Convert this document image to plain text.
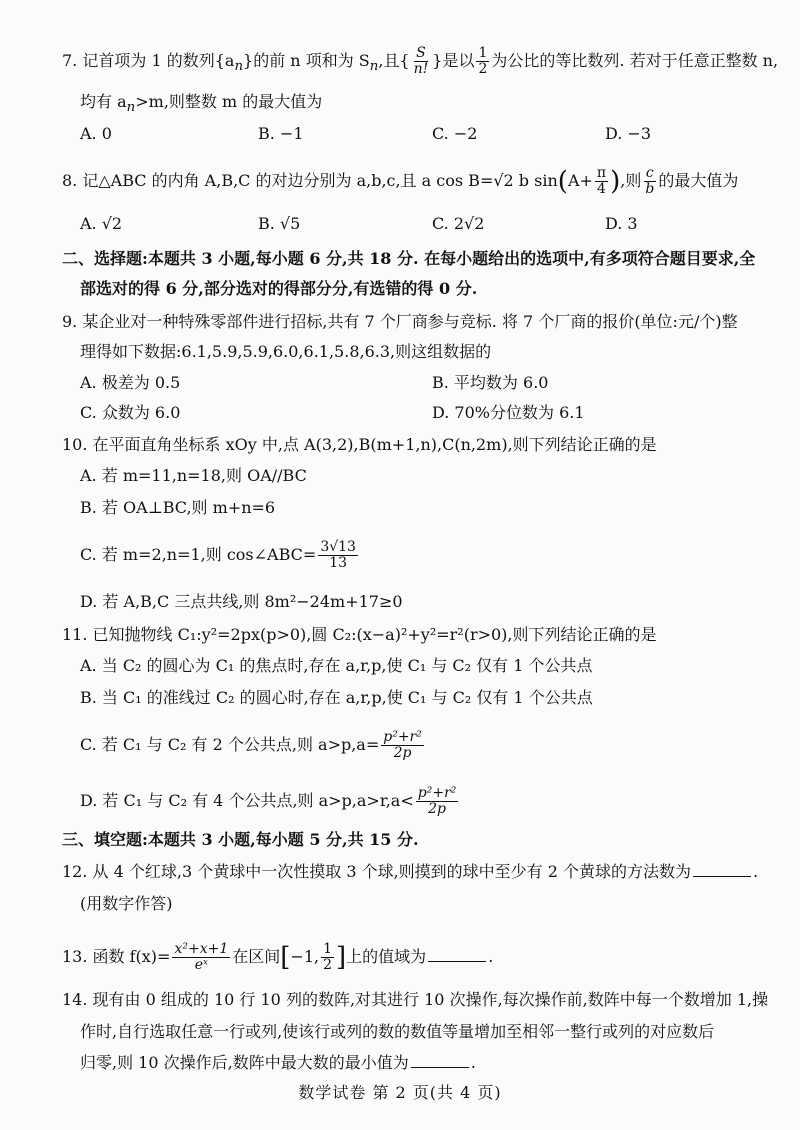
7. 记首项为 1 的数列$\{a_n\}$的前 n 项和为 $S_n$,且{ $\frac{S}{n!}$ }是以 $\frac{1}{2}$ 为公比的等比数列. 若对于任意正整数 n,
均有 $a_n>m$,则整数 m 的最大值为
A. 0	B. −1	C. −2	D. −3
8. 记△ABC 的内角 A,B,C 的对边分别为 a,b,c,且 a cos B=√2 b $\sin(A+ \frac{\pi}{4}$ ),则 $\frac{c}{b}$ 的最大值为
A. √2	B. √5	C. 2√2	D. 3
二、选择题:本题共 3 小题,每小题 6 分,共 18 分. 在每小题给出的选项中,有多项符合题目要求,全
部选对的得 6 分,部分选对的得部分分,有选错的得 0 分.
9. 某企业对一种特殊零部件进行招标,共有 7 个厂商参与竞标. 将 7 个厂商的报价(单位:元/个)整
理得如下数据:6.1,5.9,5.9,6.0,6.1,5.8,6.3,则这组数据的
A. 极差为 0.5	B. 平均数为 6.0
C. 众数为 6.0	D. 70%分位数为 6.1
10. 在平面直角坐标系 xOy 中,点 A(3,2),B(m+1,n),C(n,2m),则下列结论正确的是
A. 若 m=11,n=18,则 OA//BC
B. 若 OA⊥BC,则 m+n=6
C. 若 m=2,n=1,则 cos∠ABC= $\frac{3√13}{13}$
D. 若 A,B,C 三点共线,则 8m²−24m+17≥0
11. 已知抛物线 C₁:y²=2px(p>0),圆 C₂:(x−a)²+y²=r²(r>0),则下列结论正确的是
A. 当 C₂ 的圆心为 C₁ 的焦点时,存在 a,r,p,使 C₁ 与 C₂ 仅有 1 个公共点
B. 当 C₁ 的准线过 C₂ 的圆心时,存在 a,r,p,使 C₁ 与 C₂ 仅有 1 个公共点
C. 若 C₁ 与 C₂ 有 2 个公共点,则 $a>p,a= \frac{\text{p²+r²}}{2p}$
D. 若 C₁ 与 C₂ 有 4 个公共点,则 $a>p,a>r,a< \frac{\text{p²+r²}}{2p}$
三、填空题:本题共 3 小题,每小题 5 分,共 15 分.
12. 从 4 个红球,3 个黄球中一次性摸取 3 个球,则摸到的球中至少有 2 个黄球的方法数为	.
(用数字作答)
13. 函数 $f(x)= \frac{\text{x²+x+1}}{\text{eˣ}}$ 在区间[−1, $\frac{1}{2}$ ]上的值域为	.
14. 现有由 0 组成的 10 行 10 列的数阵,对其进行 10 次操作,每次操作前,数阵中每一个数增加 1,操
作时,自行选取任意一行或列,使该行或列的数的数值等量增加至相邻一整行或列的对应数后
归零,则 10 次操作后,数阵中最大数的最小值为	.
数学试卷 第 2 页(共 4 页)
